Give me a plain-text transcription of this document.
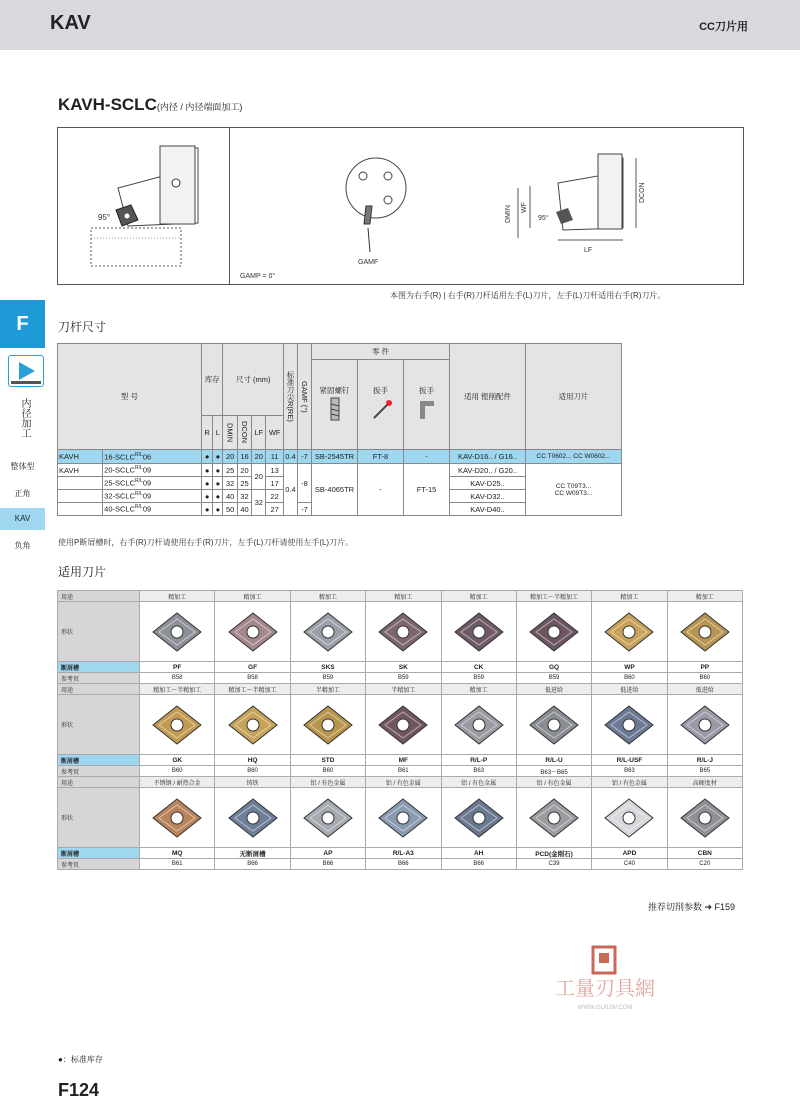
KAV	CC刀片用
KAVH-SCLC(内径 / 内径端面加工)
95°
GAMP = 0°
GAMF
DMIN WF
DCON
LF
95°
本图为右手(R) | 右手(R)刀杆适用左手(L)刀片，左手(L)刀杆适用右手(R)刀片。
F
内径加工
整体型
正角
KAV
负角
刀杆尺寸
型 号		库存		尺寸 (mm)				标准刀尖R(RE)	GAMF (°)	零 件			适用 镗削配件	适用刀片
										紧固螺钉	扳手	扳手		

		R	L	DMIN	DCON	LF	WF							
KAVH	$16-SCLC^{R/L}06$	●	●	20	16	20	11	0.4	-7	SB-2545TR	FT-8	-	KAV-D16.. / G16..	CC T0602... CC W0602...
KAVH	$20-SCLC^{R/L}09$	●	●	25	20	20	13	0.4	-8	SB-4065TR	-	FT-15	KAV-D20.. / G20..	CC T09T3...
CC W09T3...
	$25-SCLC^{R/L}09$	●	●	32	25		17						KAV-D25..	
	$32-SCLC^{R/L}09$	●	●	40	32	32	22						KAV-D32..	
	$40-SCLC^{R/L}09$	●	●	50	40		27		-7				KAV-D40..	
使用P断屑槽时，右手(R)刀杆请使用右手(R)刀片，左手(L)刀杆请使用左手(L)刀片。
适用刀片
用途	精加工	精加工	精加工	精加工	精加工	精加工～半精加工	精加工	精加工
形状	

断屑槽	PF	GF	SKS	SK	CK	GQ	WP	PP
参考页	B58	B58	B59	B59	B59	B59	B60	B60
用途	精加工～半精加工	精加工～半精加工	半精加工	半精加工	精加工	低进给	低进给	低进给
形状	

断屑槽	GK	HQ	STD	MF	R/L-P	R/L-U	R/L-USF	R/L-J
参考页	B60	B60	B60	B61	B63	B63～B65	B63	B65
用途	不锈钢 / 耐热合金	铸铁	铝 / 有色金属	铝 / 有色金属	铝 / 有色金属	铝 / 有色金属	铝 / 有色金属	高硬度材
形状	

断屑槽	MQ	无断屑槽	AP	R/L-A3	AH	PCD(金刚石)	APD	CBN
参考页	B61	B66	B66	B66	B66	C39	C40	C20
推荐切削参数 ➜ F159
工量刃具網
WWW.GLRJW.COM
●：标准库存
F124
